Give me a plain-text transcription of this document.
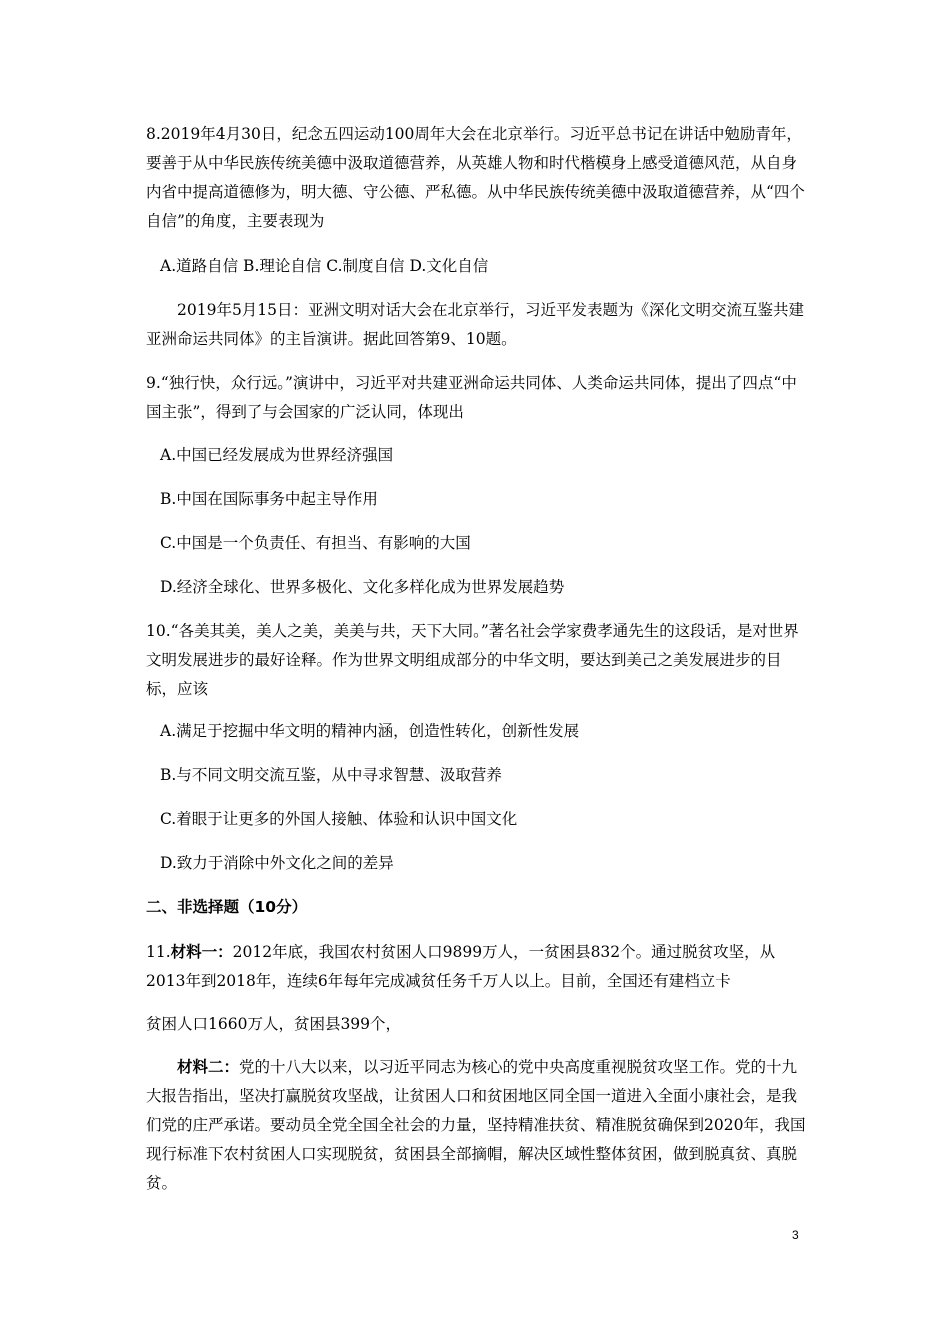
8.2019年4月30日，纪念五四运动100周年大会在北京举行。习近平总书记在讲话中勉励青年，要善于从中华民族传统美德中汲取道德营养，从英雄人物和时代楷模身上感受道德风范，从自身内省中提高道德修为，明大德、守公德、严私德。从中华民族传统美德中汲取道德营养，从“四个自信”的角度，主要表现为

A.道路自信 B.理论自信 C.制度自信 D.文化自信

2019年5月15日：亚洲文明对话大会在北京举行，习近平发表题为《深化文明交流互鉴共建亚洲命运共同体》的主旨演讲。据此回答第9、10题。

9.“独行快，众行远。”演讲中，习近平对共建亚洲命运共同体、人类命运共同体，提出了四点“中国主张”，得到了与会国家的广泛认同，体现出

A.中国已经发展成为世界经济强国

B.中国在国际事务中起主导作用

C.中国是一个负责任、有担当、有影响的大国

D.经济全球化、世界多极化、文化多样化成为世界发展趋势

10.“各美其美，美人之美，美美与共，天下大同。”著名社会学家费孝通先生的这段话，是对世界文明发展进步的最好诠释。作为世界文明组成部分的中华文明，要达到美己之美发展进步的目标，应该

A.满足于挖掘中华文明的精神内涵，创造性转化，创新性发展

B.与不同文明交流互鉴，从中寻求智慧、汲取营养

C.着眼于让更多的外国人接触、体验和认识中国文化

D.致力于消除中外文化之间的差异

二、非选择题（10分）

11.材料一：2012年底，我国农村贫困人口9899万人，一贫困县832个。通过脱贫攻坚，从2013年到2018年，连续6年每年完成减贫任务千万人以上。目前，全国还有建档立卡

贫困人口1660万人，贫困县399个，

材料二：党的十八大以来，以习近平同志为核心的党中央高度重视脱贫攻坚工作。党的十九大报告指出，坚决打赢脱贫攻坚战，让贫困人口和贫困地区同全国一道进入全面小康社会，是我们党的庄严承诺。要动员全党全国全社会的力量，坚持精准扶贫、精准脱贫确保到2020年，我国现行标准下农村贫困人口实现脱贫，贫困县全部摘帽，解决区域性整体贫困，做到脱真贫、真脱贫。

3
